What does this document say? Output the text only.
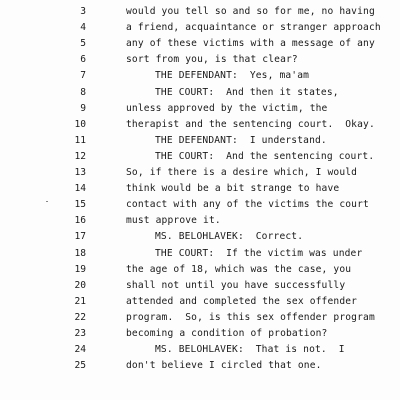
3	would you tell so and so for me, no having
4	a friend, acquaintance or stranger approach
5	any of these victims with a message of any
6	sort from you, is that clear?
7	THE DEFENDANT:  Yes, ma'am
8	THE COURT:  And then it states,
9	unless approved by the victim, the
10	therapist and the sentencing court.  Okay.
11	THE DEFENDANT:  I understand.
12	THE COURT:  And the sentencing court.
13	So, if there is a desire which, I would
14	think would be a bit strange to have
15	contact with any of the victims the court
16	must approve it.
17	MS. BELOHLAVEK:  Correct.
18	THE COURT:  If the victim was under
19	the age of 18, which was the case, you
20	shall not until you have successfully
21	attended and completed the sex offender
22	program.  So, is this sex offender program
23	becoming a condition of probation?
24	MS. BELOHLAVEK:  That is not.  I
25	don't believe I circled that one.
